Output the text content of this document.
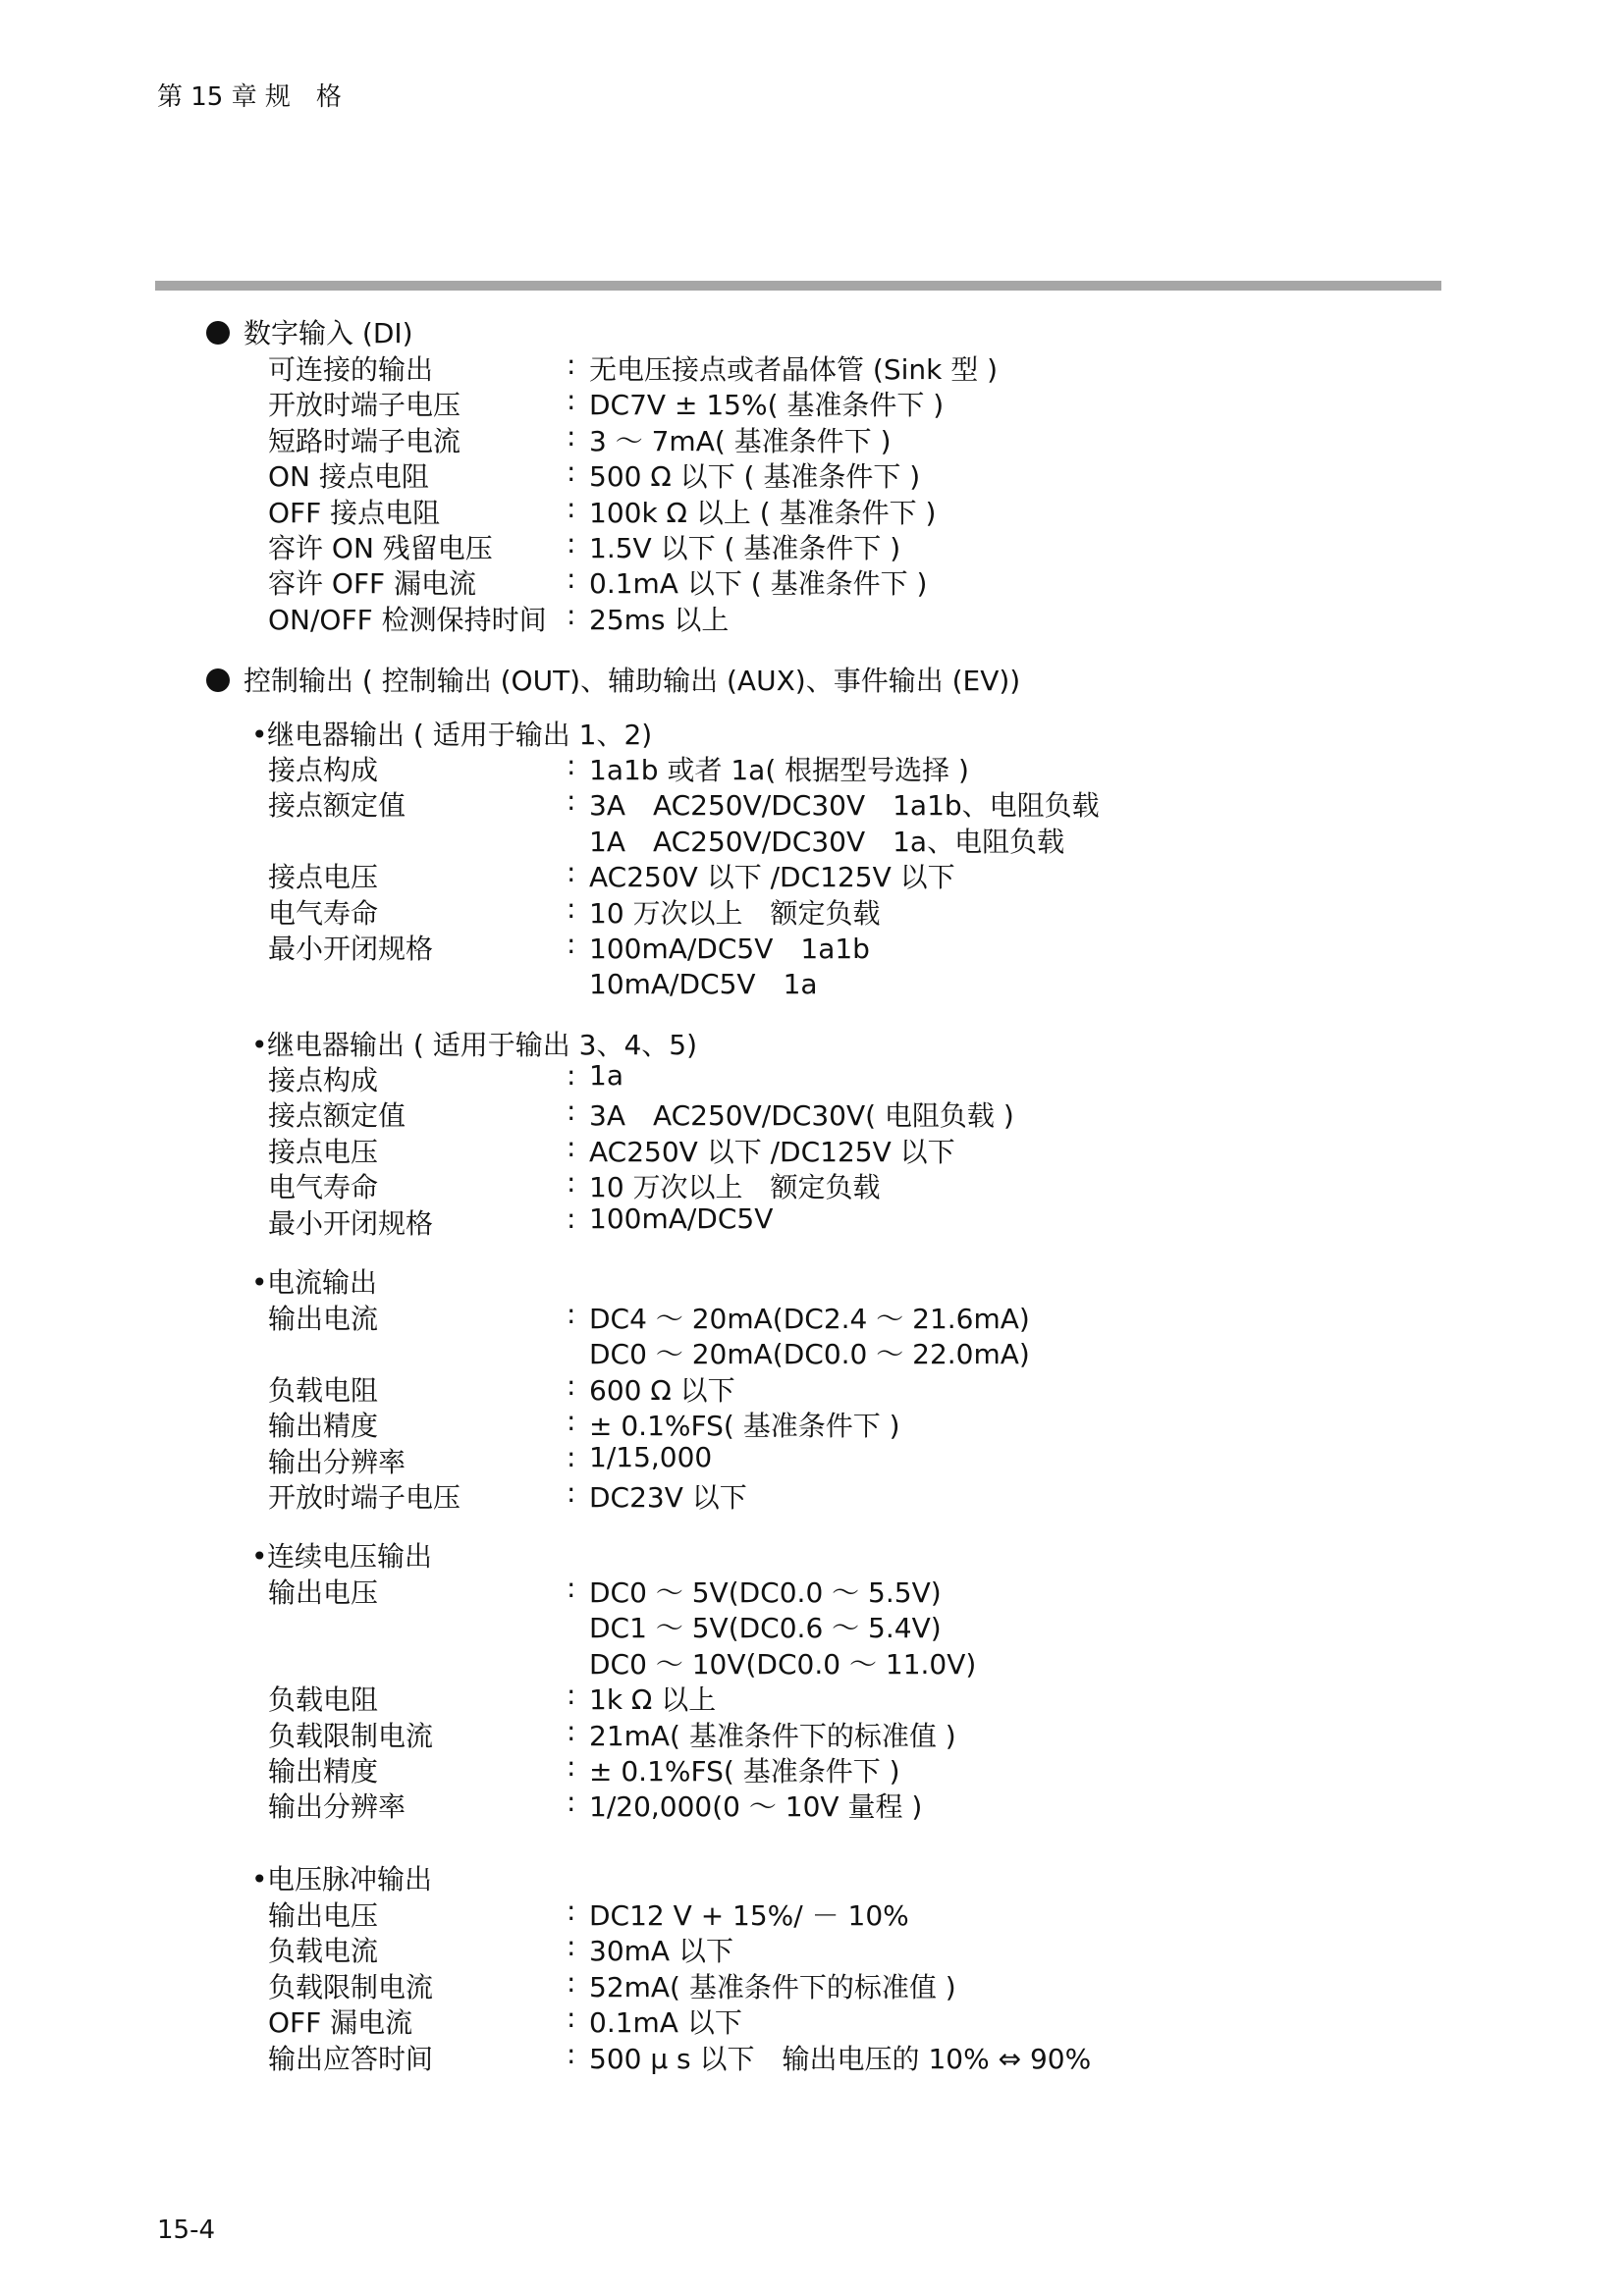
第 15 章 规　格
数字输入 (DI)
可连接的输出	: 无电压接点或者晶体管 (Sink 型 )
开放时端子电压	: DC7V ± 15%( 基准条件下 )
短路时端子电流	: 3 ～ 7mA( 基准条件下 )
ON 接点电阻	: 500 Ω 以下 ( 基准条件下 )
OFF 接点电阻	: 100k Ω 以上 ( 基准条件下 )
容许 ON 残留电压	: 1.5V 以下 ( 基准条件下 )
容许 OFF 漏电流	: 0.1mA 以下 ( 基准条件下 )
ON/OFF 检测保持时间 : 25ms 以上
控制输出 ( 控制输出 (OUT)、辅助输出 (AUX)、事件输出 (EV))
•继电器输出 ( 适用于输出 1、2)
接点构成	: 1a1b 或者 1a( 根据型号选择 )
接点额定值	: 3A　AC250V/DC30V　1a1b、电阻负载
1A　AC250V/DC30V　1a、电阻负载
接点电压	: AC250V 以下 /DC125V 以下
电气寿命	: 10 万次以上　额定负载
最小开闭规格	: 100mA/DC5V　1a1b
10mA/DC5V　1a
•继电器输出 ( 适用于输出 3、4、5)
接点构成	: 1a
接点额定值	: 3A　AC250V/DC30V( 电阻负载 )
接点电压	: AC250V 以下 /DC125V 以下
电气寿命	: 10 万次以上　额定负载
最小开闭规格	: 100mA/DC5V
•电流输出
输出电流	: DC4 ～ 20mA(DC2.4 ～ 21.6mA)
DC0 ～ 20mA(DC0.0 ～ 22.0mA)
负载电阻	: 600 Ω 以下
输出精度	: ± 0.1%FS( 基准条件下 )
输出分辨率	: 1/15,000
开放时端子电压	: DC23V 以下
•连续电压输出
输出电压	: DC0 ～ 5V(DC0.0 ～ 5.5V)
DC1 ～ 5V(DC0.6 ～ 5.4V)
DC0 ～ 10V(DC0.0 ～ 11.0V)
负载电阻	: 1k Ω 以上
负载限制电流	: 21mA( 基准条件下的标准值 )
输出精度	: ± 0.1%FS( 基准条件下 )
输出分辨率	: 1/20,000(0 ～ 10V 量程 )
•电压脉冲输出
输出电压	: DC12 V + 15%/ － 10%
负载电流	: 30mA 以下
负载限制电流	: 52mA( 基准条件下的标准值 )
OFF 漏电流	: 0.1mA 以下
输出应答时间	: 500 μ s 以下　输出电压的 10% ⇔ 90%
15-4
